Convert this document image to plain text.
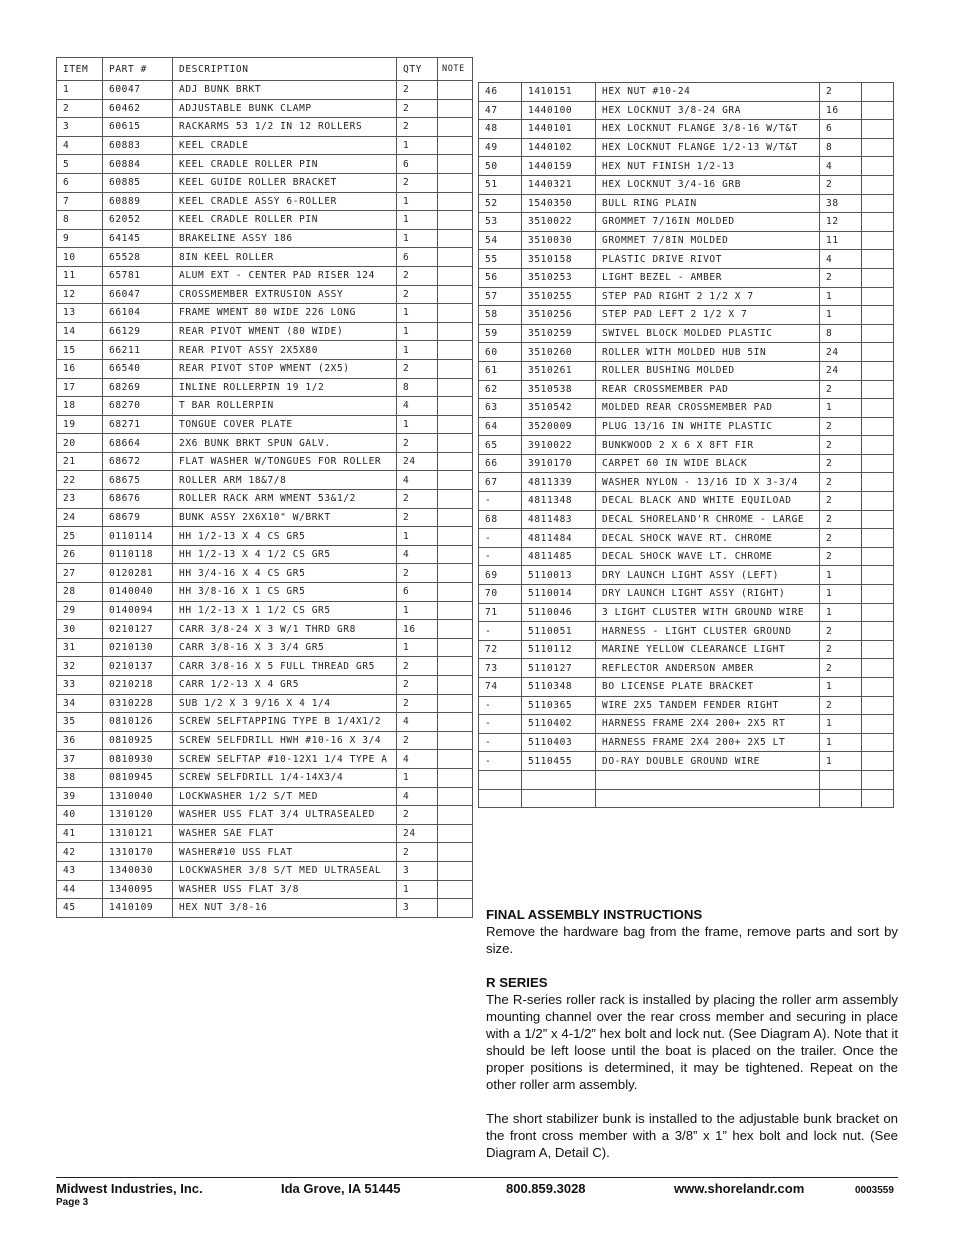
ITEM	PART #	DESCRIPTION	QTY	NOTE
1	60047	ADJ BUNK BRKT	2	
2	60462	ADJUSTABLE BUNK CLAMP	2	
3	60615	RACKARMS 53 1/2 IN 12 ROLLERS	2	
4	60883	KEEL CRADLE	1	
5	60884	KEEL CRADLE ROLLER PIN	6	
6	60885	KEEL GUIDE ROLLER BRACKET	2	
7	60889	KEEL CRADLE ASSY 6-ROLLER	1	
8	62052	KEEL CRADLE ROLLER PIN	1	
9	64145	BRAKELINE ASSY 186	1	
10	65528	8IN KEEL ROLLER	6	
11	65781	ALUM EXT - CENTER PAD RISER 124	2	
12	66047	CROSSMEMBER EXTRUSION ASSY	2	
13	66104	FRAME WMENT 80 WIDE 226 LONG	1	
14	66129	REAR PIVOT WMENT (80 WIDE)	1	
15	66211	REAR PIVOT ASSY 2X5X80	1	
16	66540	REAR PIVOT STOP WMENT (2X5)	2	
17	68269	INLINE ROLLERPIN 19 1/2	8	
18	68270	T BAR ROLLERPIN	4	
19	68271	TONGUE COVER PLATE	1	
20	68664	2X6 BUNK BRKT SPUN GALV.	2	
21	68672	FLAT WASHER W/TONGUES FOR ROLLER	24	
22	68675	ROLLER ARM 18&7/8	4	
23	68676	ROLLER RACK ARM WMENT 53&1/2	2	
24	68679	BUNK ASSY 2X6X10" W/BRKT	2	
25	0110114	HH 1/2-13 X 4 CS GR5	1	
26	0110118	HH 1/2-13 X 4 1/2 CS GR5	4	
27	0120281	HH 3/4-16 X 4 CS GR5	2	
28	0140040	HH 3/8-16 X 1 CS GR5	6	
29	0140094	HH 1/2-13 X 1 1/2 CS GR5	1	
30	0210127	CARR 3/8-24 X 3 W/1 THRD GR8	16	
31	0210130	CARR 3/8-16 X 3 3/4 GR5	1	
32	0210137	CARR 3/8-16 X 5 FULL THREAD GR5	2	
33	0210218	CARR 1/2-13 X 4 GR5	2	
34	0310228	SUB 1/2 X 3 9/16 X 4 1/4	2	
35	0810126	SCREW SELFTAPPING TYPE B 1/4X1/2	4	
36	0810925	SCREW SELFDRILL HWH #10-16 X 3/4	2	
37	0810930	SCREW SELFTAP #10-12X1 1/4 TYPE A	4	
38	0810945	SCREW SELFDRILL 1/4-14X3/4	1	
39	1310040	LOCKWASHER 1/2 S/T MED	4	
40	1310120	WASHER USS FLAT 3/4 ULTRASEALED	2	
41	1310121	WASHER SAE FLAT	24	
42	1310170	WASHER#10 USS FLAT	2	
43	1340030	LOCKWASHER 3/8 S/T MED ULTRASEAL	3	
44	1340095	WASHER USS FLAT 3/8	1	
45	1410109	HEX NUT 3/8-16	3	
46	1410151	HEX NUT #10-24	2	
47	1440100	HEX LOCKNUT 3/8-24 GRA	16	
48	1440101	HEX LOCKNUT FLANGE 3/8-16 W/T&T	6	
49	1440102	HEX LOCKNUT FLANGE 1/2-13 W/T&T	8	
50	1440159	HEX NUT FINISH 1/2-13	4	
51	1440321	HEX LOCKNUT 3/4-16 GRB	2	
52	1540350	BULL RING PLAIN	38	
53	3510022	GROMMET 7/16IN MOLDED	12	
54	3510030	GROMMET 7/8IN MOLDED	11	
55	3510158	PLASTIC DRIVE RIVOT	4	
56	3510253	LIGHT BEZEL - AMBER	2	
57	3510255	STEP PAD RIGHT 2 1/2 X 7	1	
58	3510256	STEP PAD LEFT 2 1/2 X 7	1	
59	3510259	SWIVEL BLOCK MOLDED PLASTIC	8	
60	3510260	ROLLER WITH MOLDED HUB 5IN	24	
61	3510261	ROLLER BUSHING MOLDED	24	
62	3510538	REAR CROSSMEMBER PAD	2	
63	3510542	MOLDED REAR CROSSMEMBER PAD	1	
64	3520009	PLUG 13/16 IN WHITE PLASTIC	2	
65	3910022	BUNKWOOD 2 X 6 X 8FT FIR	2	
66	3910170	CARPET 60 IN WIDE BLACK	2	
67	4811339	WASHER NYLON - 13/16 ID X 3-3/4	2	
-	4811348	DECAL BLACK AND WHITE EQUILOAD	2	
68	4811483	DECAL SHORELAND'R CHROME - LARGE	2	
-	4811484	DECAL SHOCK WAVE RT. CHROME	2	
-	4811485	DECAL SHOCK WAVE LT. CHROME	2	
69	5110013	DRY LAUNCH LIGHT ASSY (LEFT)	1	
70	5110014	DRY LAUNCH LIGHT ASSY (RIGHT)	1	
71	5110046	3 LIGHT CLUSTER WITH GROUND WIRE	1	
-	5110051	HARNESS - LIGHT CLUSTER GROUND	2	
72	5110112	MARINE YELLOW CLEARANCE LIGHT	2	
73	5110127	REFLECTOR ANDERSON AMBER	2	
74	5110348	BO LICENSE PLATE BRACKET	1	
-	5110365	WIRE 2X5 TANDEM FENDER RIGHT	2	
-	5110402	HARNESS FRAME 2X4 200+ 2X5 RT	1	
-	5110403	HARNESS FRAME 2X4 200+ 2X5 LT	1	
-	5110455	DO-RAY DOUBLE GROUND WIRE	1	

FINAL ASSEMBLY INSTRUCTIONS

Remove the hardware bag from the frame, remove parts and sort by size.

R SERIES

The R-series roller rack is installed by placing the roller arm assembly mounting channel over the rear cross member and securing in place with a 1/2” x 4-1/2” hex bolt and lock nut. (See Diagram A). Note that it should be left loose until the boat is placed on the trailer. Once the proper positions is determined, it may be tightened. Repeat on the other roller arm assembly.

The short stabilizer bunk is installed to the adjustable bunk bracket on the front cross member with a 3/8” x 1” hex bolt and lock nut. (See Diagram A, Detail C).

Midwest Industries, Inc.
Page 3
Ida Grove, IA 51445	800.859.3028	www.shorelandr.com	0003559
